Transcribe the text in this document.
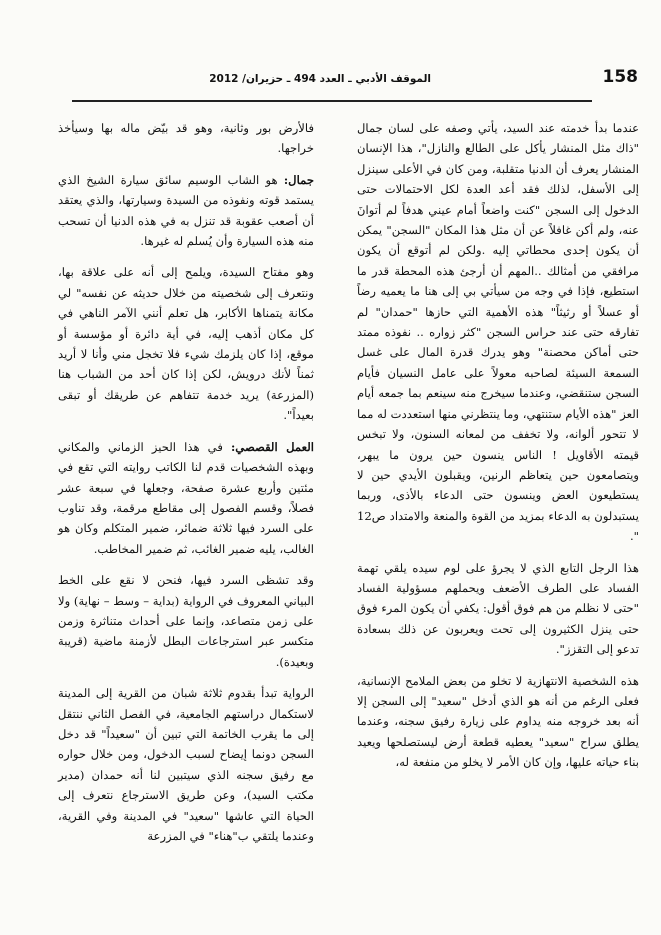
158
الموقف الأدبي ـ العدد 494 ـ حزيران/ 2012

عندما بدأ خدمته عند السيد، يأتي وصفه على لسان جمال "ذاك مثل المنشار يأكل على الطالع والنازل"، هذا الإنسان المنشار يعرف أن الدنيا متقلبة، ومن كان في الأعلى سينزل إلى الأسفل، لذلك فقد أعد العدة لكل الاحتمالات حتى الدخول إلى السجن "كنت واضعاً أمام عيني هدفاً لم أتوانَ عنه، ولم أكن غافلاً عن أن مثل هذا المكان "السجن" يمكن أن يكون إحدى محطاتي إليه .ولكن لم أتوقع أن يكون مرافقي من أمثالك ..المهم أن أرجئ هذه المحطة قدر ما استطيع، فإذا في وجه من سيأتي بي إلى هنا ما يعميه رضاً أو عسلاً أو رثيثاً" هذه الأهمية التي حازها "حمدان" لم تفارقه حتى عند حراس السجن "كثر زواره .. نفوذه ممتد حتى أماكن محصنة" وهو يدرك قدرة المال على غسل السمعة السيئة لصاحبه معولاً على عامل النسيان فأيام السجن ستنقضي، وعندما سيخرج منه سينعم بما جمعه أيام العز "هذه الأيام ستنتهي، وما ينتظرني منها استعددت له مما لا تتحور ألوانه، ولا تخفف من لمعانه السنون، ولا تبخس قيمته الأقاويل ! الناس ينسون حين يرون ما يبهر، ويتصامعون حين يتعاظم الرنين، ويقبلون الأيدي حين لا يستطيعون العض وينسون حتى الدعاء بالأذى، وربما يستبدلون به الدعاء بمزيد من القوة والمنعة والامتداد ص12 ".

هذا الرجل التابع الذي لا يجرؤ على لوم سيده يلقي تهمة الفساد على الطرف الأضعف ويحملهم مسؤولية الفساد "حتى لا نظلم من هم فوق أقول: يكفي أن يكون المرء فوق حتى ينزل الكثيرون إلى تحت ويعربون عن ذلك بسعادة تدعو إلى التقزز".

هذه الشخصية الانتهازية لا تخلو من بعض الملامح الإنسانية، فعلى الرغم من أنه هو الذي أدخل "سعيد" إلى السجن إلا أنه بعد خروجه منه يداوم على زيارة رفيق سجنه، وعندما يطلق سراح "سعيد" يعطيه قطعة أرض ليستصلحها ويعيد بناء حياته عليها، وإن كان الأمر لا يخلو من منفعة له،

فالأرض بور وثانية، وهو قد بيّض ماله بها وسيأخذ خراجها.

جمال: هو الشاب الوسيم سائق سيارة الشيخ الذي يستمد قوته ونفوذه من السيدة وسيارتها، والذي يعتقد أن أصعب عقوبة قد تنزل به في هذه الدنيا أن تسحب منه هذه السيارة وأن يُسلم له غيرها.

وهو مفتاح السيدة، ويلمح إلى أنه على علاقة بها، ونتعرف إلى شخصيته من خلال حديثه عن نفسه" لي مكانة يتمناها الأكابر، هل تعلم أنني الآمر الناهي في كل مكان أذهب إليه، في أية دائرة أو مؤسسة أو موقع، إذا كان يلزمك شيء فلا تخجل مني وأنا لا أريد ثمناً لأنك درويش، لكن إذا كان أحد من الشباب هنا (المزرعة) يريد خدمة تتفاهم عن طريقك أو تبقى بعيداً".

العمل القصصي: في هذا الحيز الزماني والمكاني وبهذه الشخصيات قدم لنا الكاتب روايته التي تقع في مئتين وأربع عشرة صفحة، وجعلها في سبعة عشر فصلاً، وقسم الفصول إلى مقاطع مرقمة، وقد تناوب على السرد فيها ثلاثة ضمائر، ضمير المتكلم وكان هو الغالب، يليه ضمير الغائب، ثم ضمير المخاطب.

وقد تشظى السرد فيها، فنحن لا نقع على الخط البياني المعروف في الرواية (بداية – وسط – نهاية) ولا على زمن متصاعد، وإنما على أحداث متناثرة وزمن متكسر عبر استرجاعات البطل لأزمنة ماضية (قريبة وبعيدة).

الرواية تبدأ بقدوم ثلاثة شبان من القرية إلى المدينة لاستكمال دراستهم الجامعية، في الفصل الثاني ننتقل إلى ما يقرب الخاتمة التي تبين أن "سعيداً" قد دخل السجن دونما إيضاح لسبب الدخول، ومن خلال حواره مع رفيق سجنه الذي سيتبين لنا أنه حمدان (مدير مكتب السيد)، وعن طريق الاسترجاع نتعرف إلى الحياة التي عاشها "سعيد" في المدينة وفي القرية، وعندما يلتقي ب"هناء" في المزرعة
